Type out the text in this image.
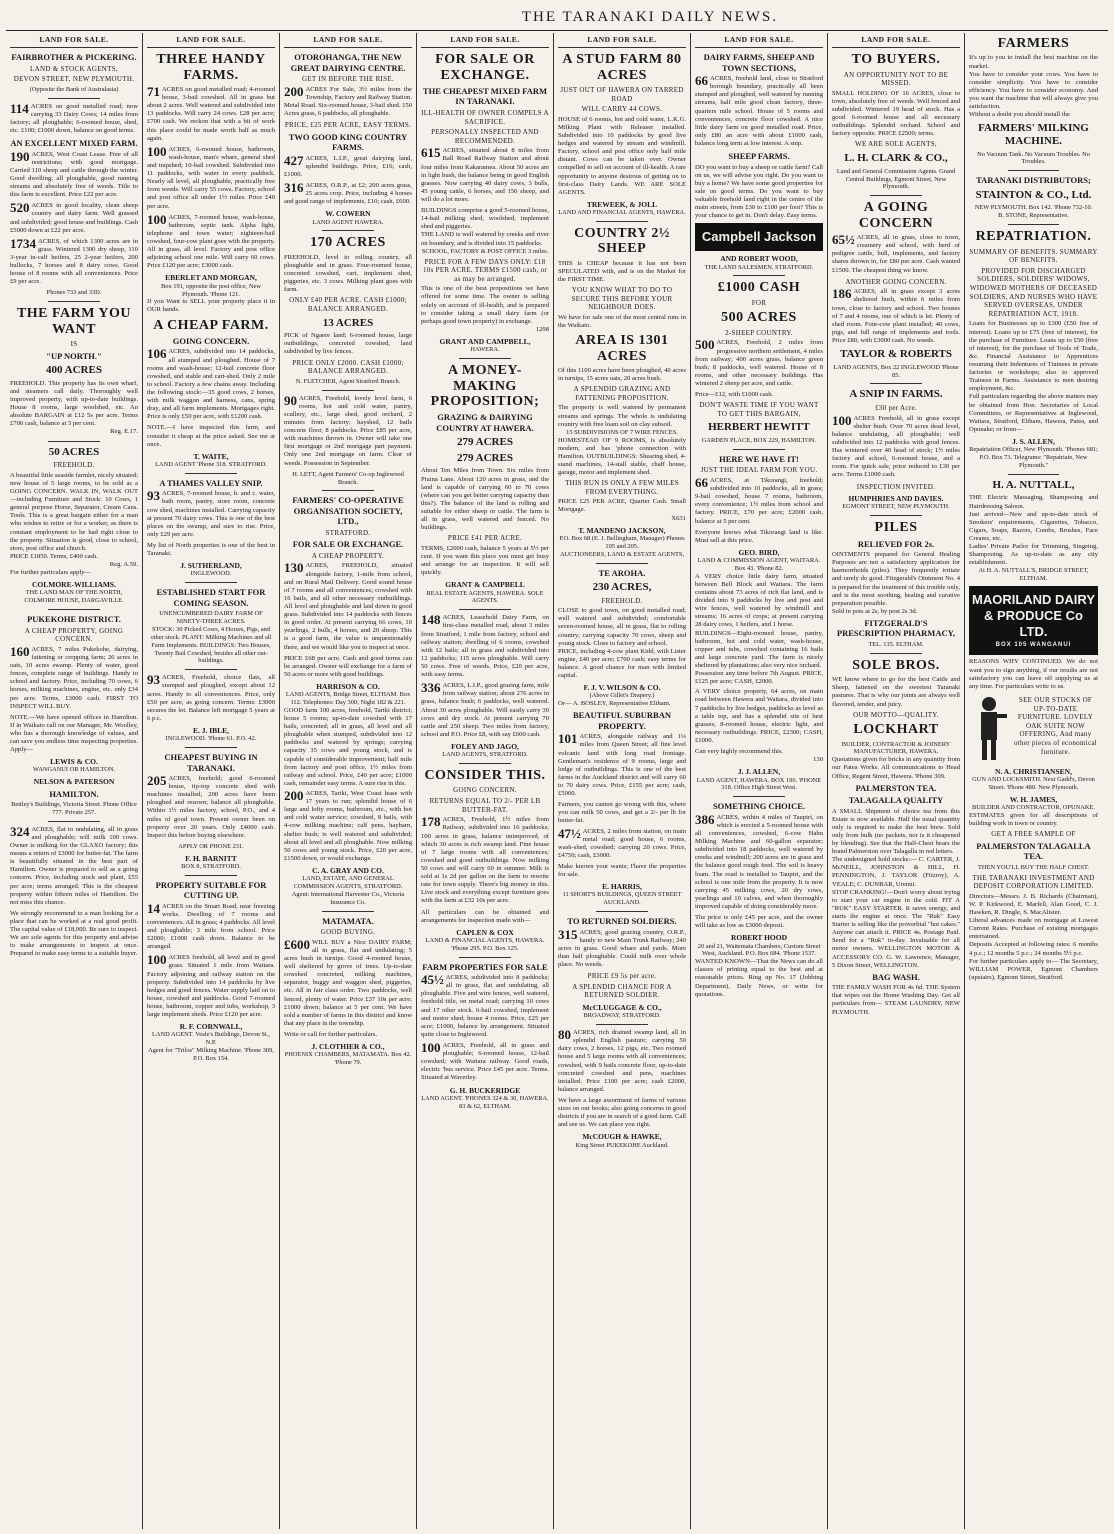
THE TARANAKI DAILY NEWS.
LAND FOR SALE.
FAIRBROTHER & PICKERING.
LAND & STOCK AGENTS,
DEVON STREET, NEW PLYMOUTH.
(Opposite the Bank of Australasia)
114 ACRES on good metalled road; now carrying 33 Dairy Cows; 14 miles from factory; all ploughable; 6-roomed house, shed, etc. £100; £1000 down, balance on good terms.
AN EXCELLENT MIXED FARM.
190 ACRES, West Coast Lease. Free of all restrictions; with good mortgage. Carried 110 sheep and cattle through the winter. Good dwelling; all ploughable, good running streams and absolutely free of weeds. Title to this farm is excellent. Price £22 per acre.
520 ACRES in good locality, clean sheep country and dairy farm. Well grassed and subdivided; good house and buildings. Cash £5000 down at £22 per acre.
1734 ACRES, of which 1300 acres are in grass. Wintered 1300 dry sheep, 110 3-year in-calf heifers, 25 2-year heifers, 200 bullocks, 7 horses and 8 dairy cows. Good house of 8 rooms with all conveniences. Price £9 per acre.
Phones 733 and 33D.
THE FARM YOU WANT
IS
"UP NORTH."
400 ACRES
FREEHOLD. This property has its own wharf, and steamers call daily. Thoroughly well improved property, with up-to-date buildings. House 8 rooms, large woolshed, etc. An absolute BARGAIN at £12 5s per acre. Terms £700 cash, balance at 5 per cent.
Reg. E.17.
50 ACRES
FREEHOLD.
A beautiful little seaside farmlet, nicely situated; new house of 5 large rooms, to be sold as a GOING CONCERN. WALK IN, WALK OUT—including Furniture and Stock: 10 Cows, 1 general purpose Horse, Separator, Cream Cans. Tools. This is a great bargain either for a man who wishes to retire or for a worker, as there is constant employment to be had right close to the property. Situation is good, close to school, store, post office and church.
PRICE £1850. Terms, £400 cash.
Reg. A.59.
For further particulars apply—
COLMORE-WILLIAMS.
THE LAND MAN OF THE NORTH, COLMORE HOUSE, DARGAVILLE.
PUKEKOHE DISTRICT.
A CHEAP PROPERTY, GOING CONCERN.
160 ACRES, 7 miles Pukekohe, dairying, fattening or cropping farm; 26 acres in oats, 10 acres swamp. Plenty of water, good fences, complete range of buildings. Handy to school and factory. Price, including 70 cows, 6 horses, milking machines, engine, etc. only £34 per acre. Terms, £3000 cash. FIRST TO INSPECT WILL BUY.
NOTE.—We have opened offices in Hamilton. If in Waikato call on our Manager, Mr. Woolley, who has a thorough knowledge of values, and can save you endless time inspecting properties. Apply—
LEWIS & CO.
WANGANUI OR HAMILTON.
NELSON & PATERSON
HAMILTON.
Bettley's Buildings, Victoria Street. Phone Office 777. Private 257.
324 ACRES, flat to undulating, all in grass and ploughable; will milk 100 cows. Owner is milking for the GLAXO factory; this means a return of £3000 for butter-fat. The farm is beautifully situated in the best part of Hamilton. Owner is prepared to sell as a going concern. Price, including stock and plant, £55 per acre; terms arranged. This is the cheapest property within fifteen miles of Hamilton. Do not miss this chance.
We strongly recommend to a man looking for a place that can be worked at a real good profit. The capital value of £18,000. Be sure to inspect. We are sole agents for this property and advise to make arrangements to inspect at once. Prepared to make easy terms to a suitable buyer.
LAND FOR SALE.
THREE HANDY FARMS.
71 ACRES on good metalled road; 4-roomed house, 3-bail cowshed. All in grass but about 2 acres. Well watered and subdivided into 13 paddocks. Will carry 24 cows. £28 per acre; £700 cash. We reckon that with a bit of work this place could be made worth half as much again.
100 ACRES, 6-roomed house, bathroom, wash-house, man's whare, general shed and trapshed; 10-bail cowshed. Subdivided into 11 paddocks, with water in every paddock. Nearly all level, all ploughable, practically free from weeds. Will carry 55 cows. Factory, school and post office all under 1½ miles. Price £40 per acre.
100 ACRES, 7-roomed house, wash-house, bathroom, septic tank. Alpha light, telephone and town water; eighteen-bail cowshed, four-cow plant goes with the property. All in grass, all level. Factory and post office adjoining school one mile. Will carry 60 cows. Price £120 per acre; £3000 cash.
EBERLET AND MORGAN,
Box 191, opposite the post office, New Plymouth. 'Phone 121.
If you Want to SELL your property place it in OUR hands.
A CHEAP FARM.
GOING CONCERN.
106 ACRES, subdivided into 14 paddocks, all stumped and ploughed. House of 7 rooms and wash-house; 12-bail concrete floor cowshed, and stable and cart-shed. Only 2 mile to school. Factory a few chains away. Including the following stock:—35 good cows, 2 horses, with milk waggon and harness, cans, spring dray, and all farm implements. Mortgages right. Price is only £50 per acre, with £1200 cash.
NOTE.—I have inspected this farm, and consider it cheap at the price asked. See me at once.
T. WAITE,
LAND AGENT 'Phone 318. STRATFORD.
A THAMES VALLEY SNIP.
93 ACRES, 7-roomed house, h. and c. water, bath room, pantry, store room, concrete cow shed, machines installed. Carrying capacity at present 70 dairy cows. This is one of the best places on the swamp, and sure to rise. Price, only £29 per acre.
My list of North properties is one of the best in Taranaki.
J. SUTHERLAND,
INGLEWOOD.
ESTABLISHED START FOR COMING SEASON.
UNENCUMBERED DAIRY FARM OF NINETY-THREE ACRES.
STOCK: 30 Picked Cows, 4 Horses, Pigs, and other stock. PLANT: Milking Machines and all Farm Implements. BUILDINGS: Two Houses, Twenty Bail Cowshed, besides all other out-buildings.
93 ACRES, Freehold, choice flats, all stumped and ploughed, except about 12 acres. Handy to all conveniences. Price, only £50 per acre, as going concern. Terms: £3000 secures the lot. Balance left mortgage 5 years at 6 p.c.
E. J. IBLE,
INGLEWOOD. 'Phone 61. P.O. 42.
CHEAPEST BUYING IN TARANAKI.
205 ACRES, freehold; good 6-roomed house, tip-top concrete shed with machines installed; 200 acres have been ploughed and resown; balance all ploughable. Within 1½ miles factory, school, P.O., and 4 miles of good town. Present owner been on property over 20 years. Only £4000 cash. Inspect this before buying elsewhere.
APPLY OR PHONE 231.
F. H. BARNITT
BOX 8, STRATFORD.
PROPERTY SUITABLE FOR CUTTING UP.
14 ACRES on the Smart Road, near freezing works. Dwelling of 7 rooms and conveniences. All in grass; 4 paddocks. All level and ploughable; 3 mile from school. Price £2000; £1000 cash down. Balance to be arranged.
100 ACRES freehold, all level and in good grass. Situated 1 mile from Waitara. Factory adjoining and railway station on the property. Subdivided into 14 paddocks by live hedges and good fences. Water supply laid on to house, cowshed and paddocks. Good 7-roomed house, bathroom, copper and tubs, workshop, 3 large implement sheds. Price £120 per acre.
R. F. CORNWALL,
LAND AGENT. Veale's Buildings, Devon St., N.P.
Agent for "Trilos" Milking Machine. 'Phone 309, P.O. Box 154.
LAND FOR SALE.
OTOROHANGA, THE NEW GREAT DAIRYING CENTRE.
GET IN BEFORE THE RISE.
200 ACRES For Sale, 3½ miles from the Township, Factory and Railway Station. Metal Road. Six-roomed house, 3-bail shed. 150 Acres grass, 6 paddocks, all ploughable.
PRICE, £25 PER ACRE, EASY TERMS.
TWO GOOD KING COUNTRY FARMS.
427 ACRES, L.I.P., great dairying land, splendid buildings. Price, £16; cash, £1000.
316 ACRES, O.R.P., at £2; 200 acres grass, 25 acres crop. Price, including 4 horses and good range of implements, £10; cash, £600.
W. COWERN
LAND AGENT HAWERA.
170 ACRES
FREEHOLD, level to rolling country, all ploughable and in grass. Four-roomed house, concreted cowshed, cart, implement shed, piggeries, etc. 3 cows. Milking plant goes with farm.
ONLY £40 PER ACRE. CASH £1000; BALANCE ARRANGED.
13 ACRES
PICK of Ngaere land; 6-roomed house, large outbuildings, concreted cowshed, land subdivided by live fences.
PRICE ONLY £2000. CASH £1000; BALANCE ARRANGED.
N. FLETCHER, Agent Stratford Branch.
90 ACRES, Freehold, lovely level farm, 6 rooms, hot and cold water, pantry, scullery, etc., large shed, good orchard, 2 minutes from factory; hayshed, 12 bails concrete floor, 8 paddocks. Price £85 per acre, with machines thrown in. Owner will take one first mortgage or 2nd mortgage part payment. Only one 2nd mortgage on farm. Clear of weeds. Possession in September.
H. LETT, Agent Farmers' Co-op Inglewood Branch.
FARMERS' CO-OPERATIVE ORGANISATION SOCIETY, LTD.,
STRATFORD.
FOR SALE OR EXCHANGE.
A CHEAP PROPERTY.
130 ACRES, FREEHOLD, situated alongside factory, 1-mile from school, and on Rural Mail Delivery. Good sound house of 7 rooms and all conveniences; cowshed with 16 bails, and all other necessary outbuildings. All level and ploughable and laid down in good grass. Subdivided into 14 paddocks with fences in good order. At present carrying 66 cows, 10 yearlings, 2 bulls, 4 horses, and 20 sheep. This is a good farm, the value is unquestionably there, and we would like you to inspect at once.
PRICE £68 per acre. Cash and good terms can be arranged. Owner will exchange for a farm of 50 acres or more with good buildings.
HARRISON & CO.
LAND AGENTS, Bridge Street, ELTHAM. Box 112. Telephones: Day 300; Night 182 & 221.
GOOD farm 100 acres, freehold, Tariki district; house 5 rooms; up-to-date cowshed with 17 bails, concreted; all in grass, all level and all ploughable when stumped, subdivided into 12 paddocks and watered by springs; carrying capacity 35 cows and young stock, and is capable of considerable improvement; half mile from factory and post office, 1½ miles from railway and school. Price, £40 per acre; £1000 cash, remainder easy terms. A sure rise in this.
200 ACRES, Tariki, West Coast lease with 17 years to run; splendid house of 6 large and lofty rooms, bathroom, etc., with hot and cold water service; cowshed, 8 bails, with 4-cow milking machine; calf pens, haybarn, shelter bush; is well watered and subdivided; about all level and all ploughable. Now milking 50 cows and young stock. Price, £20 per acre, £1500 down, or would exchange.
C. A. GRAY AND CO.
LAND, ESTATE, AND GENERAL COMMISSION AGENTS, STRATFORD.
Agent: International Harvester Co., Victoria Insurance Co.
MATAMATA.
GOOD BUYING.
£600 WILL BUY a Nice DAIRY FARM; all in grass, flat and undulating; 5 acres bush in turnips. Good 4-roomed house, well sheltered by grove of trees. Up-to-date cowshed concreted, milking machines, separator, buggy and waggon shed, piggeries, etc. All in fair class order. Two paddocks, well fenced, plenty of water. Price £37 10s per acre; £1000 down; balance at 5 per cent. We have sold a number of farms in this district and know that any place in the township.
Write or call for further particulars.
J. CLOTHIER & CO.,
PHOENIX CHAMBERS, MATAMATA. Box 42. 'Phone 79.
LAND FOR SALE.
FOR SALE OR EXCHANGE.
THE CHEAPEST MIXED FARM IN TARANAKI.
ILL-HEALTH OF OWNER COMPELS A SACRIFICE.
PERSONALLY INSPECTED AND RECOMMENDED.
615 ACRES, situated about 8 miles from Ball Road Railway Station and about four miles from Kakaramea. About 50 acres are in light bush, the balance being in good English grasses. Now carrying 40 dairy cows, 3 bulls, 45 young cattle, 6 horses, and 150 sheep, and will do a lot more.
BUILDINGS comprise a good 5-roomed house, 14-bail milking shed, woolshed, implement shed and piggeries.
THE LAND is well watered by creeks and river on boundary, and is divided into 15 paddocks.
SCHOOL, FACTORY & POST OFFICE 3 miles.
PRICE FOR A FEW DAYS ONLY: £18 10s PER ACRE. TERMS £1500 cash, or as may be arranged.
This is one of the best propositions we have offered for some time. The owner is selling solely on account of ill-health, and is prepared to consider taking a small dairy farm (or perhaps good town property) in exchange.
1298
GRANT AND CAMPBELL,
HAWERA.
A MONEY-MAKING PROPOSITION;
GRAZING & DAIRYING COUNTRY AT HAWERA.
279 ACRES
279 ACRES
About Ten Miles from Town. Six miles from Piuina Lane. About 120 acres in grass, and the land is capable of carrying 60 to 70 cows (where can you get better carrying capacity than this?). The balance of the land is rolling and suitable for either sheep or cattle. The farm is all in grass, well watered and fenced. No buildings.
PRICE £41 PER ACRE.
TERMS, £2000 cash, balance 5 years at 5½ per cent. If you want this place you must get busy and arrange for an inspection. It will sell quickly.
GRANT & CAMPBELL
REAL ESTATE AGENTS, HAWERA. SOLE AGENTS.
148 ACRES, Leasehold Dairy Farm, on first-class metalled road, about 3 miles from Stratford, 1 mile from factory, school and railway station; dwelling of 6 rooms, cowshed with 12 bails; all in grass and subdivided into 12 paddocks; 115 acres ploughable. Will carry 50 cows. Free of weeds. Price, £20 per acre, with easy terms.
336 ACRES, L.I.P., good grazing farm, mile from railway station; about 276 acres in grass, balance bush; 6 paddocks, well watered. About 30 acres ploughable. Will easily carry 30 cows and dry stock. At present carrying 70 cattle and 250 sheep. Two miles from factory, school and P.O. Price £8, with say £600 cash.
FOLEY AND JAGO,
LAND AGENTS, STRATFORD.
CONSIDER THIS.
GOING CONCERN.
RETURNS EQUAL TO 2/- PER LB BUTTER-FAT.
178 ACRES, Freehold, 1½ miles from Railway, subdivided into 16 paddocks; 100 acres in grass, balance unimproved, of which 30 acres is rich swamp land. Fine house of 7 large rooms with all conveniences; cowshed and good outbuildings. Now milking 50 cows and will carry 60 in summer. Milk is sold at 1s 2d per gallon on the farm to rewrite rate for town supply. There's big money in this. Live stock and everything except furniture goes with the farm at £32 10s per acre.
All particulars can be obtained and arrangements for inspection made with—
CAPLEN & COX
LAND & FINANCIAL AGENTS, HAWERA. 'Phone 295. P.O. Box 125.
FARM PROPERTIES FOR SALE
45½ ACRES, subdivided into 8 paddocks; all in grass, flat and undulating, all ploughable. Five and wire fences, well watered, freehold title, on metal road; carrying 10 cows and 17 other stock. 6-bail cowshed, implement and motor shed; house 4 rooms. Price, £25 per acre; £1000, balance by arrangement. Situated quite close to Inglewood.
100 ACRES, Freehold, all in grass and ploughable; 6-roomed house, 12-bail cowshed; with Waitara railway. Good roads, electric 'bus service. Price £45 per acre. Terms. Situated at Waverley.
G. H. BUCKERIDGE
LAND AGENT. 'PHONES 324 & 30, HAWERA. 83 & 62, ELTHAM.
LAND FOR SALE.
A STUD FARM 80 ACRES
JUST OUT OF HAWERA ON TARRED ROAD
WILL CARRY 44 COWS.
HOUSE of 6 rooms, hot and cold water, L.K.G. Milking Plant with Releaser installed. Subdivided into 10 paddocks by good live hedges and watered by stream and windmill. Factory, school and post office only half mile distant. Cows can be taken over. Owner compelled to sell on account of ill-health. A rare opportunity to anyone desirous of getting on to first-class Dairy Lands. WE ARE SOLE AGENTS.
TREWEEK, & JOLL
LAND AND FINANCIAL AGENTS, HAWERA.
COUNTRY 2½ SHEEP
THIS is CHEAP because it has not been SPECULATED with, and is on the Market for the FIRST TIME.
YOU KNOW WHAT TO DO TO SECURE THIS BEFORE YOUR NEIGHBOUR DOES.
We have for sale one of the most central runs in the Waikato.
AREA IS 1301 ACRES
Of this 1100 acres have been ploughed, 40 acres in turnips, 15 acres oats, 20 acres bush.
A SPLENDID GRAZING AND FATTENING PROPOSITION.
The property is well watered by permanent streams and springs. The whole is undulating country with free loam soil on clay subsoil.
15 SUBDIVISIONS OF 7 WIRE FENCES.
HOMESTEAD OF 9 ROOMS, is absolutely modern, and has 'phone connection with Hamilton. OUTBUILDINGS: Shearing shed, 4-stand machines, 14-stall stable, chaff house, garage, motor and implement shed.
THIS RUN IS ONLY A FEW MILES FROM EVERYTHING.
PRICE £25 PER ACRE, Quarter Cash. Small Mortgage.
X631
T. MANDENO JACKSON,
P.O. Box 68 (E. J. Bellingham, Manager) Phones 105 and 205.
AUCTIONEERS, LAND & ESTATE AGENTS,
TE AROHA.
230 ACRES,
FREEHOLD.
CLOSE to good town, on good metalled road; well watered and subdivided; comfortable seven-roomed house, all in grass, flat to rolling country; carrying capacity 70 cows, sheep and young stock. Close to factory and school.
PRICE, including 4-cow plant Kidd, with Lister engine, £40 per acre; £700 cash; easy terms for balance. A good chance for man with limited capital.
F. J. V. WILSON & CO.
(Above Gillet's Drapery.)
Or— A. BOSLEY, Representative Eltham.
BEAUTIFUL SUBURBAN PROPERTY.
101 ACRES, alongside railway and 1¼ miles from Queen Street; all fine level volcanic land with long road frontage. Gentleman's residence of 9 rooms, large and lodge of outbuildings. This is one of the best farms in the Auckland district and will carry 60 to 70 dairy cows. Price, £155 per acre; cash, £5000.
Farmers, you cannot go wrong with this, where you can milk 50 cows, and get a 2/- per lb for butter-fat.
47½ ACRES, 2 miles from station, on main metal road; good house, 6 rooms, wash-shed, cowshed; carrying 20 cows. Price, £4750; cash, £3000.
Make known your wants; I'have the properties for sale.
E. HARRIS,
11 SHORT'S BUILDINGS, QUEEN STREET AUCKLAND.
TO RETURNED SOLDIERS.
315 ACRES, good grazing country, O.R.P., handy to new Main Trunk Railway; 240 acres in grass. Good whare and yards. More than half ploughable. Could milk over whole place. No weeds.
PRICE £9 5s per acre.
A SPLENDID CHANCE FOR A RETURNED SOLDIER.
McCLUGGAGE & CO.,
BROADWAY, STRATFORD.
80 ACRES, rich drained swamp land, all in splendid English pasture; carrying 50 dairy cows, 2 horses, 12 pigs, etc. Two roomed house and 5 large rooms with all conveniences; cowshed, with 9 bails concrete floor, up-to-date concreted cowshed and pens, machines installed. Price £100 per acre; cash £2000, balance arranged.
We have a large assortment of farms of various sizes on our books; also going concerns in good districts if you are in search of a good farm. Call and see us. We can place you right.
McCOUGH & HAWKE,
King Street PUKEKOHE Auckland.
LAND FOR SALE.
DAIRY FARMS, SHEEP AND TOWN SECTIONS,
66 ACRES, freehold land, close to Stratford borough boundary, practically all been stumped and ploughed, well watered by running streams, half mile good clean factory, three-quarters mile school. House of 5 rooms and conveniences, concrete floor cowshed. A nice little dairy farm on good metalled road. Price, only £80 an acre with about £1000 cash, balance long term at low interest. A snip.
SHEEP FARMS.
DO you want to buy a sheep or cattle farm? Call on us, we will advise you right. Do you want to buy a home? We have some good properties for sale on good terms. Do you want to buy valuable freehold land right in the centre of the main streets, from £30 to £100 per foot? This is your chance to get in. Don't delay. Easy terms.
Campbell Jackson
AND ROBERT WOOD,
THE LAND SALESMEN, STRATFORD.
£1000 CASH
FOR
500 ACRES
2-SHEEP COUNTRY.
500 ACRES, Freehold, 2 miles from progressive northern settlement, 4 miles from railway; 400 acres grass, balance green bush; 8 paddocks, well watered. House of 8 rooms, and other necessary buildings. Has wintered 2 sheep per acre, and cattle.
Price—£12, with £1000 cash.
DON'T WASTE TIME IF YOU WANT TO GET THIS BARGAIN,
HERBERT HEWITT
GARDEN PLACE, BOX 229, HAMILTON.
HERE WE HAVE IT!
JUST THE IDEAL FARM FOR YOU.
66 ACRES, at Tikorangi, freehold; subdivided into 10 paddocks, all in grass; 9-bail cowshed, house 7 rooms, bathroom, every convenience; 1½ miles from school and factory. PRICE, £70 per acre; £2000 cash, balance at 5 per cent.
Everyone knows what Tikorangi land is like. Must sell at this price.
GEO. BIRD,
LAND & COMMISSION AGENT, WAITARA. Box 43. 'Phone 82.
A VERY choice little dairy farm, situated between Bell Block and Waitara. The farm contains about 73 acres of rich flat land, and is divided into 9 paddocks by live and post and wire fences, well watered by windmill and streams; 16 acres of crops; at present carrying 28 dairy cows, 1 heifers, and 1 horse.
BUILDINGS—Eight-roomed house, pantry, bathroom, hot and cold water, wash-house, copper and tubs, cowshed containing 16 bails and large concrete yard. The farm is nicely sheltered by plantations; also very nice orchard.
Possession any time before 7th August. PRICE, £125 per acre; CASH, £2000.
A VERY choice property, 64 acres, on main road between Hawera and Waitara, divided into 7 paddocks by live hedges, paddocks as level as a table top, and has a splendid site of best grasses; 8-roomed house, electric light, and necessary outbuildings. PRICE, £2300; CASH, £1000.
Can very highly recommend this.
130
J. J. ALLEN,
LAND AGENT, HAWERA. BOX 196. 'PHONE 318. Office High Street West.
SOMETHING CHOICE.
386 ACRES, within 4 miles of Taupiri, on which is erected a 5-roomed house with all conveniences, cowshed, 6-cow Hahn Milking Machine and 60-gallon separator; subdivided into 18 paddocks, well watered by creeks and windmill; 200 acres are in grass and the balance good rough feed. The soil is heavy loam. The road is metalled to Taupiri, and the school is one mile from the property. It is now carrying 45 milking cows, 20 dry cows, yearlings and 10 calves, and when thoroughly improved capable of doing considerably more.
The price is only £45 per acre, and the owner will take as low as £3000 deposit.
ROBERT HOOD
20 and 21, Waitemata Chambers, Custom Street West, Auckland. P.O. Box 684. 'Phone 1537.
WANTED KNOWN—That the News can do all classes of printing equal to the best and at reasonable prices. Ring up No. 17 (Jobbing Department), Daily News, or write for quotations.
LAND FOR SALE.
TO BUYERS.
AN OPPORTUNITY NOT TO BE MISSED.
SMALL HOLDING OF 16 ACRES, close to town, absolutely free of weeds. Well fenced and subdivided. Wintered 19 head of stock. Has a good 6-roomed house and all necessary outbuildings. Splendid orchard. School and factory opposite. PRICE £2500; terms.
WE ARE SOLE AGENTS,
L. H. CLARK & CO.,
Land and General Commission Agents. Grand Central Buildings, Egmont Street, New Plymouth.
A GOING CONCERN
65½ ACRES, all in grass, close to town, creamery and school, with herd of pedigree cattle, bull, implements, and factory shares thrown in, for £80 per acre. Cash wanted £1500. The cheapest thing we know.
ANOTHER GOING CONCERN.
186 ACRES, all in grass except 3 acres sheltered bush, within 6 miles from town, close to factory and school. Two houses of 7 and 4 rooms, one of which is let. Plenty of shed room. Four-cow plant installed; 40 cows, pigs, and full range of implements and tools. Price £80, with £3000 cash. No weeds.
TAYLOR & ROBERTS
LAND AGENTS, Box 22 INGLEWOOD 'Phone 85.
A SNIP IN FARMS.
£30 per Acre.
100 ACRES Freehold, all in grass except shelter bush. Over 70 acres dead level, balance undulating, all ploughable; well subdivided into 12 paddocks with good fences. Has wintered over 40 head of stock; 1½ miles factory and school, 6-roomed house, and a room. For quick sale, price reduced to £30 per acre. Terms £1000 cash.
INSPECTION INVITED.
HUMPHRIES AND DAVIES.
EGMONT STREET, NEW PLYMOUTH.
PILES
RELIEVED FOR 2s.
OINTMENTS prepared for General Healing Purposes are not a satisfactory application for haemorrhoids (piles). They frequently irritate and rarely do good. Fitzgerald's Ointment No. 4 is prepared for the treatment of this trouble only, and is the most soothing, healing and curative preparation possible.
Sold in pots at 2s, by post 2s 3d.
FITZGERALD'S PRESCRIPTION PHARMACY,
TEL. 135. ELTHAM.
SOLE BROS.
WE know where to go for the best Cattle and Sheep, fattened on the sweetest Taranaki pastures. That is why our joints are always well flavored, tender, and juicy.
OUR MOTTO—QUALITY.
LOCKHART
BUILDER, CONTRACTOR & JOINERY MANUFACTURER, HAWERA.
Quotations given for bricks in any quantity from our Patea Works. All communications to Head Office, Regent Street, Hawera. 'Phone 309.
PALMERSTON TEA.
TALAGALLA QUALITY
A SMALL Shipment of choice tea from this Estate is now available. Half the usual quantity only is required to make the best brew. Sold only from bulk (no packets, nor is it cheapened by blending). See that the Half-Chest bears the brand Palmerston over Talagalla in red letters.
The undersigned hold stocks:— C. CARTER, J. McNEILL, JOHNSTON & HILL, H. PENNINGTON, J. TAYLOR (Fitzroy), A. VEALE; C. DUNBAR, Urenui.
STOP CRANKING!—Don't worry about trying to start your car engine in the cold. FIT A "RUK" EASY STARTER. It saves energy, and starts the engine at once. The "Ruk" Easy Starter is selling like the proverbial "hot cakes." Anyone can attach it. PRICE 4s. Postage Paid. Send for a "Ruk" to-day. Invaluable for all motor owners. WELLINGTON MOTOR & ACCESSORY CO. G. W. Lawrence, Manager, 5 Dixon Street, WELLINGTON.
BAG WASH.
THE FAMILY WASH FOR 4s 6d. THE System that wipes out the Home Washing Day. Get all particulars from— STEAM LAUNDRY, NEW PLYMOUTH.
FARMERS
It's up to you to install the best machine on the market.
You have to consider your cows. You have to consider simplicity. You have to consider efficiency. You have to consider economy. And you want the machine that will always give you satisfaction.
Without a doubt you should install the
FARMERS' MILKING MACHINE.
No Vacuum Tank. No Vacuum Troubles. No Troubles.
TARANAKI DISTRIBUTORS;
STAINTON & CO., Ltd.
NEW PLYMOUTH. Box 142. 'Phone 732-10.
B. STONE, Representative.
REPATRIATION.
SUMMARY OF BENEFITS. SUMMARY OF BENEFITS.
PROVIDED FOR DISCHARGED SOLDIERS, SOLDIERS' WIDOWS, WIDOWED MOTHERS OF DECEASED SOLDIERS, AND NURSES WHO HAVE SERVED OVERSEAS, UNDER REPATRIATION ACT, 1918.
Loans for Businesses up to £300 (£50 free of interest). Loans up to £75 (free of interest), for the purchase of Furniture. Loans up to £50 (free of interest), for the purchase of Tools of Trade, &c. Financial Assistance to Apprentices resuming their Indentures of Trainees in private factories or workshops; also to approved Trainees in Farms. Assistance to men desiring employment, &c.
Full particulars regarding the above matters may be obtained from Hon. Secretaries of Local Committees, or Representatives at Inglewood, Waitara, Stratford, Eltham, Hawera, Patea, and Opunake; or from—
J. S. ALLEN,
Repatriation Officer, New Plymouth. 'Phones 681; P.O. Box 73. Telegrams: "Repatriate, New Plymouth."
H. A. NUTTALL,
THE Electric Massaging, Shampooing and Hairdressing Saloon.
Just arrived—New and up-to-date stock of Smokers' requirements, Cigarettes, Tobacco, Cigars, Soaps, Razors, Combs, Brushes, Face Creams, etc.
Ladies' Private Parlor for Trimming, Singeing, Shampooing. As up-to-date as any city establishment.
At H. A. NUTTALL'S, BRIDGE STREET, ELTHAM.
MAORILAND DAIRY & PRODUCE Co LTD.
BOX 105 WANGANUI
REASONS WHY CONTINUED. We do not want you to sign anything, if our results are not satisfactory you can leave off supplying us at any time. For particulars write to us.
SEE OUR STOCKS OF UP-TO-DATE FURNITURE. LOVELY OAK SUITE NOW OFFERING, And many other pieces of economical furniture.
N. A. CHRISTIANSEN,
GUN AND LOCKSMITH. Next Gadd's, Devon Street. 'Phone 480. New Plymouth.
W. H. JAMES,
BUILDER AND CONTRACTOR, OPUNAKE.
ESTIMATES given for all descriptions of building work in town or country.
GET A FREE SAMPLE OF
PALMERSTON TALAGALLA TEA.
THEN YOU'LL BUY THE HALF CHEST.
THE TARANAKI INVESTMENT AND DEPOSIT CORPORATION LIMITED.
Directors—Messrs. J. B. Richards (Chairman), W. P. Kirkwood, E. Marfell, Alan Good, C. J. Hawken, R. Dingle, S. MacAlister.
Liberal advances made on mortgage at Lowest Current Rates. Purchase of existing mortgages entertained.
Deposits Accepted at following rates: 6 months 4 p.c.; 12 months 5 p.c.; 24 months 5½ p.c.
For further particulars apply to— The Secretary, WILLIAM POWER, Egmont Chambers (upstairs), Egmont Street, Stratford.
